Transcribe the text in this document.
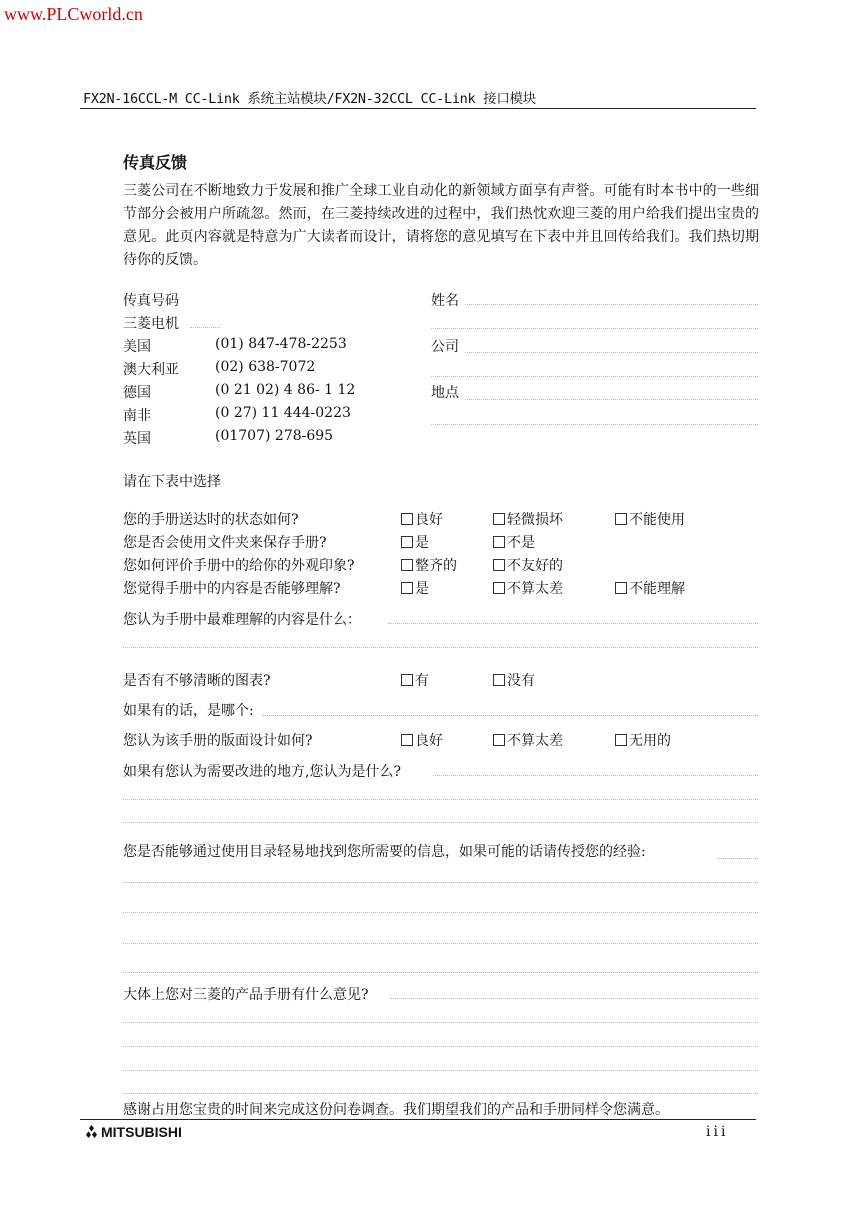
www.PLCworld.cn
FX2N-16CCL-M CC-Link 系统主站模块/FX2N-32CCL CC-Link 接口模块
传真反馈
三菱公司在不断地致力于发展和推广全球工业自动化的新领域方面享有声誉。可能有时本书中的一些细节部分会被用户所疏忽。然而，在三菱持续改进的过程中，我们热忱欢迎三菱的用户给我们提出宝贵的意见。此页内容就是特意为广大读者而设计，请将您的意见填写在下表中并且回传给我们。我们热切期待你的反馈。
传真号码
三菱电机
美国	(01) 847-478-2253
澳大利亚	(02) 638-7072
德国	(0 21 02) 4 86- 1 12
南非	(0 27) 11 444-0223
英国	(01707) 278-695
姓名
公司
地点
请在下表中选择
您的手册送达时的状态如何?	良好	轻微损坏	不能使用
您是否会使用文件夹来保存手册?	是	不是
您如何评价手册中的给你的外观印象?	整齐的	不友好的
您觉得手册中的内容是否能够理解?	是	不算太差	不能理解
您认为手册中最难理解的内容是什么：
是否有不够清晰的图表?	有	没有
如果有的话，是哪个:
您认为该手册的版面设计如何?	良好	不算太差	无用的
如果有您认为需要改进的地方,您认为是什么?
您是否能够通过使用目录轻易地找到您所需要的信息，如果可能的话请传授您的经验:
大体上您对三菱的产品手册有什么意见?
感谢占用您宝贵的时间来完成这份问卷调查。我们期望我们的产品和手册同样令您满意。
MITSUBISHI	iii
